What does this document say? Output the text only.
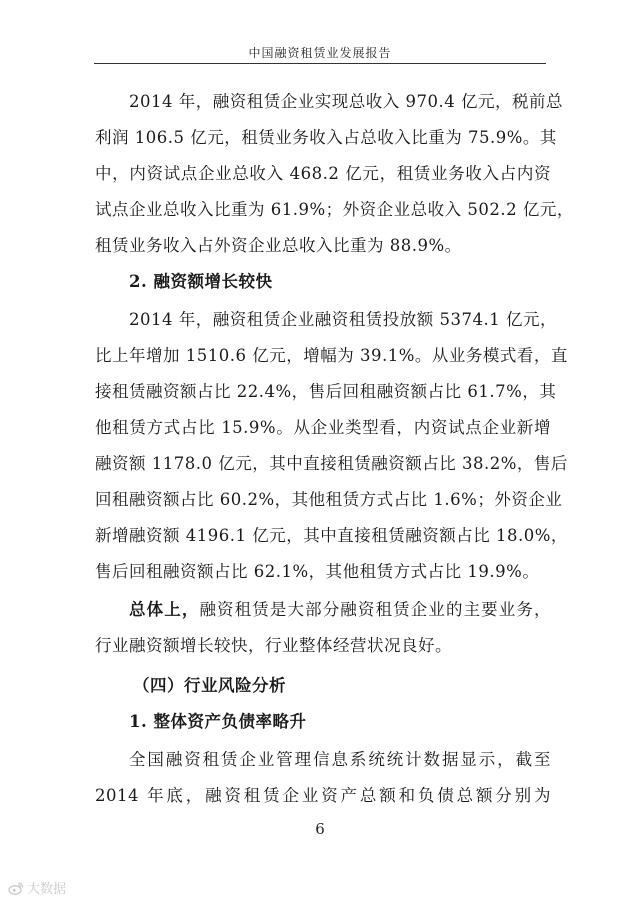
中国融资租赁业发展报告
2014 年，融资租赁企业实现总收入 970.4 亿元，税前总
利润 106.5 亿元，租赁业务收入占总收入比重为 75.9%。其
中，内资试点企业总收入 468.2 亿元，租赁业务收入占内资
试点企业总收入比重为 61.9%；外资企业总收入 502.2 亿元，
租赁业务收入占外资企业总收入比重为 88.9%。
2. 融资额增长较快
2014 年，融资租赁企业融资租赁投放额 5374.1 亿元，
比上年增加 1510.6 亿元，增幅为 39.1%。从业务模式看，直
接租赁融资额占比 22.4%，售后回租融资额占比 61.7%，其
他租赁方式占比 15.9%。从企业类型看，内资试点企业新增
融资额 1178.0 亿元，其中直接租赁融资额占比 38.2%，售后
回租融资额占比 60.2%，其他租赁方式占比 1.6%；外资企业
新增融资额 4196.1 亿元，其中直接租赁融资额占比 18.0%，
售后回租融资额占比 62.1%，其他租赁方式占比 19.9%。
总体上，融资租赁是大部分融资租赁企业的主要业务，
行业融资额增长较快，行业整体经营状况良好。
（四）行业风险分析
1. 整体资产负债率略升
全国融资租赁企业管理信息系统统计数据显示，截至
2014 年底，融资租赁企业资产总额和负债总额分别为
6
大数据
